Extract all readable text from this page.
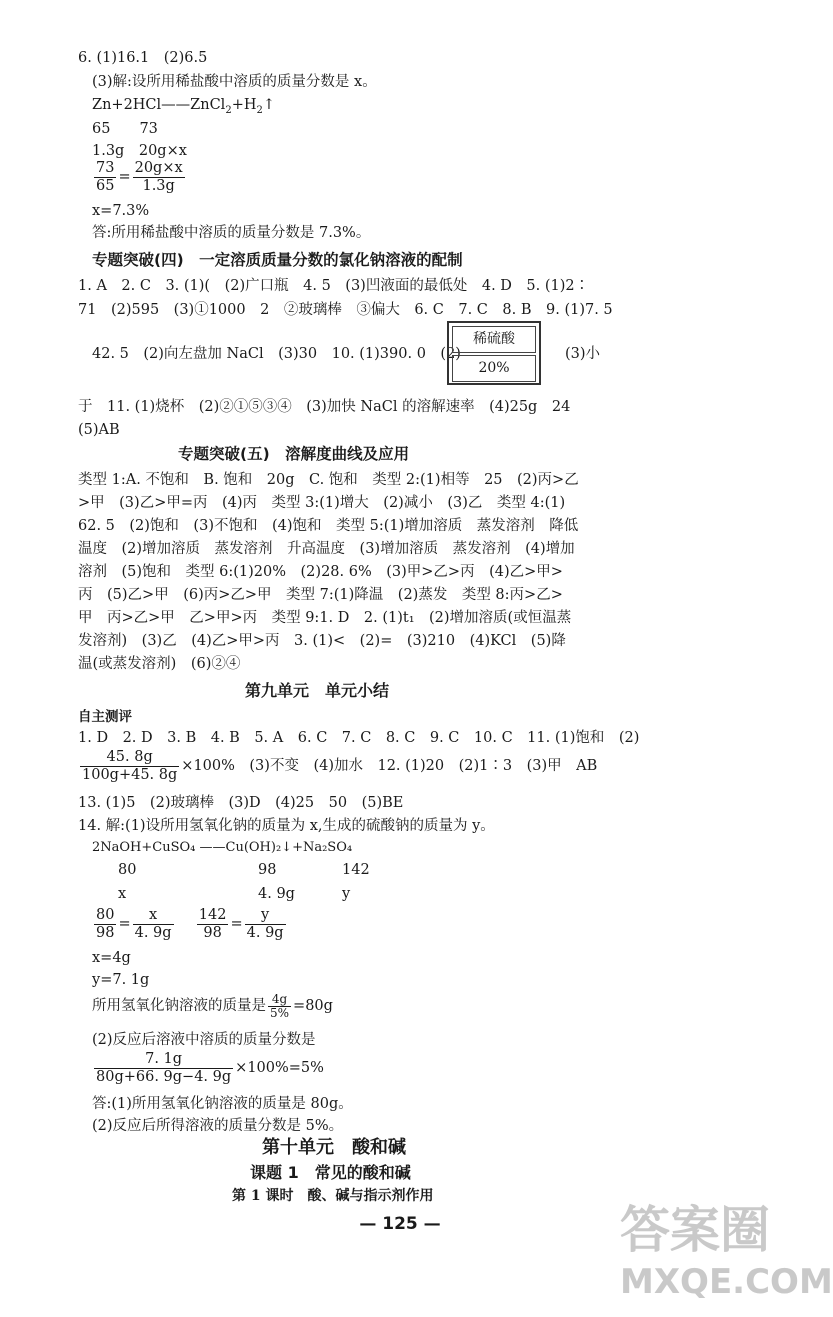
6. (1)16.1　(2)6.5
(3)解:设所用稀盐酸中溶质的质量分数是 x。
$Zn+2HCl——ZnCl_2+H_2↑$
65　　73
1.3g　20g×x
$\frac{73}{65} = \frac{20g\times x}{1.3g}$
x=7.3%
答:所用稀盐酸中溶质的质量分数是 7.3%。
专题突破(四)　一定溶质质量分数的氯化钠溶液的配制
1. A　2. C　3. (1)(　(2)广口瓶　4. 5　(3)凹液面的最低处　4. D　5. (1)2∶
71　(2)595　(3)①1000　2　②玻璃棒　③偏大　6. C　7. C　8. B　9. (1)7. 5
42. 5　(2)向左盘加 NaCl　(3)30　10. (1)390. 0　(2)
稀硫酸
20%
(3)小
于　11. (1)烧杯　(2)②①⑤③④　(3)加快 NaCl 的溶解速率　(4)25g　24
(5)AB
专题突破(五)　溶解度曲线及应用
类型 1:A. 不饱和　B. 饱和　20g　C. 饱和　类型 2:(1)相等　25　(2)丙>乙
>甲　(3)乙>甲=丙　(4)丙　类型 3:(1)增大　(2)减小　(3)乙　类型 4:(1)
62. 5　(2)饱和　(3)不饱和　(4)饱和　类型 5:(1)增加溶质　蒸发溶剂　降低
温度　(2)增加溶质　蒸发溶剂　升高温度　(3)增加溶质　蒸发溶剂　(4)增加
溶剂　(5)饱和　类型 6:(1)20%　(2)28. 6%　(3)甲>乙>丙　(4)乙>甲>
丙　(5)乙>甲　(6)丙>乙>甲　类型 7:(1)降温　(2)蒸发　类型 8:丙>乙>
甲　丙>乙>甲　乙>甲>丙　类型 9:1. D　2. (1)t₁　(2)增加溶质(或恒温蒸
发溶剂)　(3)乙　(4)乙>甲>丙　3. (1)<　(2)=　(3)210　(4)KCl　(5)降
温(或蒸发溶剂)　(6)②④
第九单元　单元小结
自主测评
1. D　2. D　3. B　4. B　5. A　6. C　7. C　8. C　9. C　10. C　11. (1)饱和　(2)
$\frac{45. 8g}{100g+45. 8g} \times 100\%$　(3)不变　(4)加水　12. (1)20　(2)1∶3　(3)甲　AB
13. (1)5　(2)玻璃棒　(3)D　(4)25　50　(5)BE
14. 解:(1)设所用氢氧化钠的质量为 x,生成的硫酸钠的质量为 y。
2NaOH+CuSO₄ ——Cu(OH)₂↓+Na₂SO₄
80	98	142
x	4. 9g	y
$\frac{80}{98} = \frac{x}{4. 9g}$
$\frac{142}{98} = \frac{y}{4. 9g}$
x=4g
y=7. 1g
所用氢氧化钠溶液的质量是 $\frac{4g}{5\%} =80g$
(2)反应后溶液中溶质的质量分数是
$\frac{7. 1g}{80g+66. 9g-4. 9g} \times 100\%=5\%$
答:(1)所用氢氧化钠溶液的质量是 80g。
(2)反应后所得溶液的质量分数是 5%。
第十单元　酸和碱
课题 1　常见的酸和碱
第 1 课时　酸、碱与指示剂作用
— 125 —	答案圈
MXQE.COM
